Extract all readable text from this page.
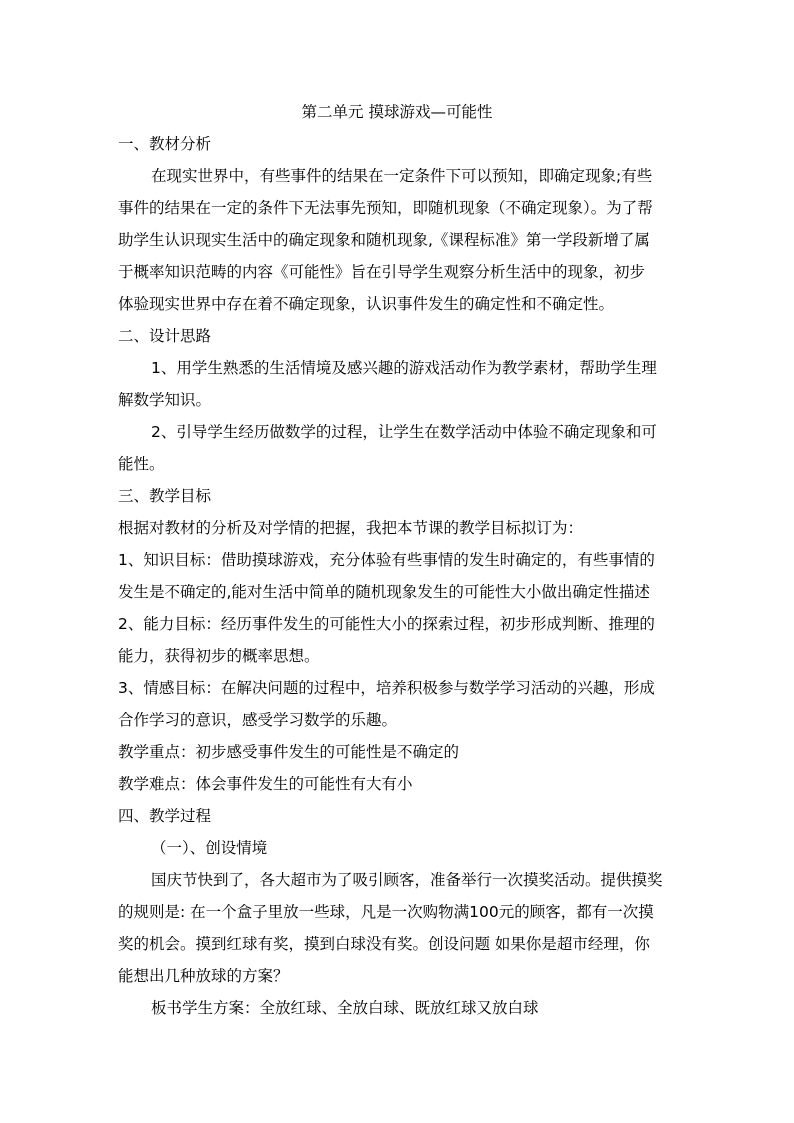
第二单元 摸球游戏—可能性
一、教材分析
在现实世界中，有些事件的结果在一定条件下可以预知，即确定现象;有些
事件的结果在一定的条件下无法事先预知，即随机现象（不确定现象）。为了帮
助学生认识现实生活中的确定现象和随机现象,《课程标准》第一学段新增了属
于概率知识范畴的内容《可能性》旨在引导学生观察分析生活中的现象，初步
体验现实世界中存在着不确定现象，认识事件发生的确定性和不确定性。
二、设计思路
1、用学生熟悉的生活情境及感兴趣的游戏活动作为教学素材，帮助学生理
解数学知识。
2、引导学生经历做数学的过程，让学生在数学活动中体验不确定现象和可
能性。
三、教学目标
根据对教材的分析及对学情的把握，我把本节课的教学目标拟订为：
1、知识目标：借助摸球游戏，充分体验有些事情的发生时确定的，有些事情的
发生是不确定的,能对生活中简单的随机现象发生的可能性大小做出确定性描述
2、能力目标：经历事件发生的可能性大小的探索过程，初步形成判断、推理的
能力，获得初步的概率思想。
3、情感目标：在解决问题的过程中，培养积极参与数学学习活动的兴趣，形成
合作学习的意识，感受学习数学的乐趣。
教学重点：初步感受事件发生的可能性是不确定的
教学难点：体会事件发生的可能性有大有小
四、教学过程
（一）、创设情境
国庆节快到了，各大超市为了吸引顾客，准备举行一次摸奖活动。提供摸奖
的规则是: 在一个盒子里放一些球，凡是一次购物满100元的顾客，都有一次摸
奖的机会。摸到红球有奖，摸到白球没有奖。创设问题 如果你是超市经理，你
能想出几种放球的方案？
板书学生方案：全放红球、全放白球、既放红球又放白球
